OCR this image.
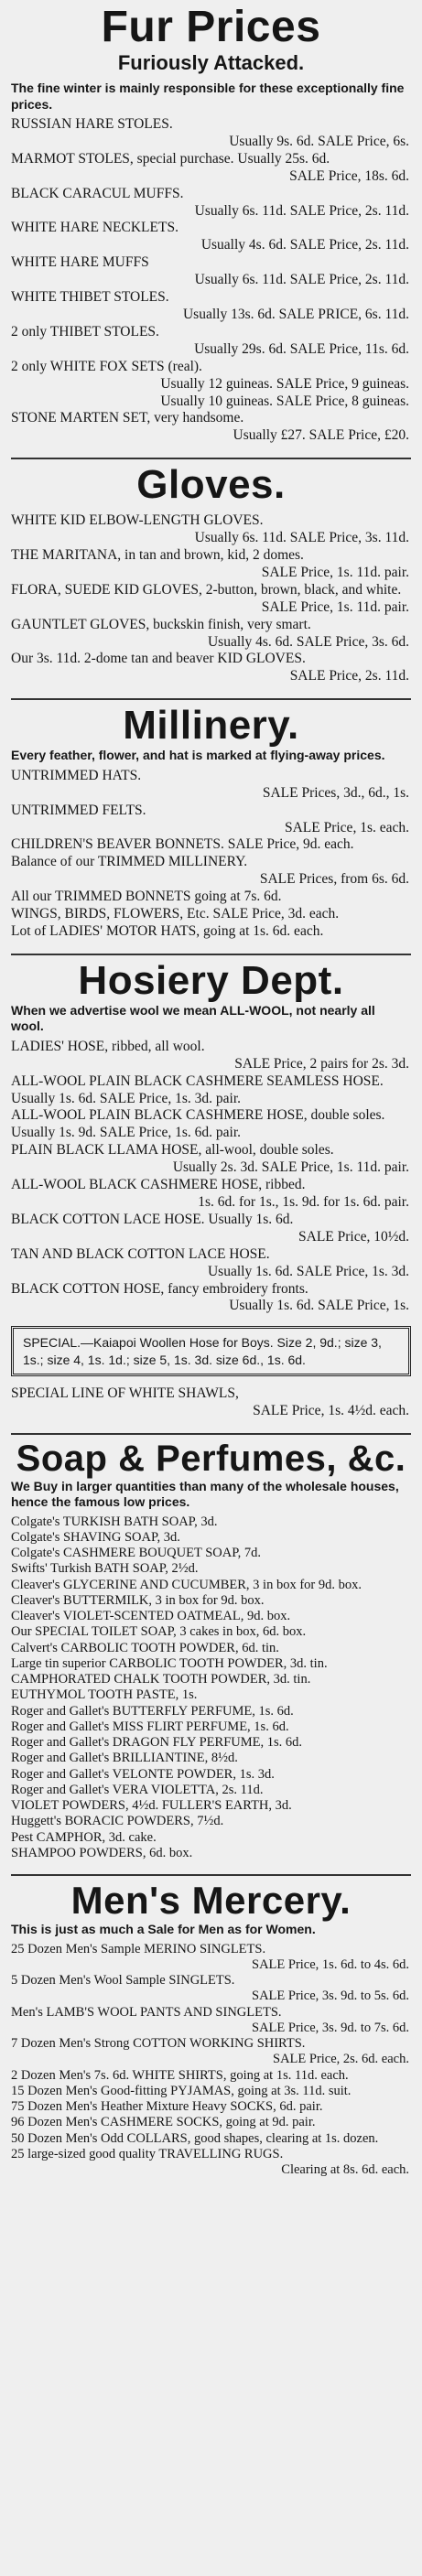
Fur Prices
Furiously Attacked.
The fine winter is mainly responsible for these exceptionally fine prices.
RUSSIAN HARE STOLES.
Usually 9s. 6d. SALE Price, 6s.
MARMOT STOLES, special purchase. Usually 25s. 6d.
SALE Price, 18s. 6d.
BLACK CARACUL MUFFS.
Usually 6s. 11d. SALE Price, 2s. 11d.
WHITE HARE NECKLETS.
Usually 4s. 6d. SALE Price, 2s. 11d.
WHITE HARE MUFFS
Usually 6s. 11d. SALE Price, 2s. 11d.
WHITE THIBET STOLES.
Usually 13s. 6d. SALE PRICE, 6s. 11d.
2 only THIBET STOLES.
Usually 29s. 6d. SALE Price, 11s. 6d.
2 only WHITE FOX SETS (real).
Usually 12 guineas. SALE Price, 9 guineas.
Usually 10 guineas. SALE Price, 8 guineas.
STONE MARTEN SET, very handsome.
Usually £27. SALE Price, £20.
Gloves.
WHITE KID ELBOW-LENGTH GLOVES.
Usually 6s. 11d. SALE Price, 3s. 11d.
THE MARITANA, in tan and brown, kid, 2 domes.
SALE Price, 1s. 11d. pair.
FLORA, SUEDE KID GLOVES, 2-button, brown, black, and white.
SALE Price, 1s. 11d. pair.
GAUNTLET GLOVES, buckskin finish, very smart.
Usually 4s. 6d. SALE Price, 3s. 6d.
Our 3s. 11d. 2-dome tan and beaver KID GLOVES.
SALE Price, 2s. 11d.
Millinery.
Every feather, flower, and hat is marked at flying-away prices.
UNTRIMMED HATS.
SALE Prices, 3d., 6d., 1s.
UNTRIMMED FELTS.
SALE Price, 1s. each.
CHILDREN'S BEAVER BONNETS. SALE Price, 9d. each.
Balance of our TRIMMED MILLINERY.
SALE Prices, from 6s. 6d.
All our TRIMMED BONNETS going at 7s. 6d.
WINGS, BIRDS, FLOWERS, Etc. SALE Price, 3d. each.
Lot of LADIES' MOTOR HATS, going at 1s. 6d. each.
Hosiery Dept.
When we advertise wool we mean ALL-WOOL, not nearly all wool.
LADIES' HOSE, ribbed, all wool.
SALE Price, 2 pairs for 2s. 3d.
ALL-WOOL PLAIN BLACK CASHMERE SEAMLESS HOSE. Usually 1s. 6d. SALE Price, 1s. 3d. pair.
ALL-WOOL PLAIN BLACK CASHMERE HOSE, double soles. Usually 1s. 9d. SALE Price, 1s. 6d. pair.
PLAIN BLACK LLAMA HOSE, all-wool, double soles.
Usually 2s. 3d. SALE Price, 1s. 11d. pair.
ALL-WOOL BLACK CASHMERE HOSE, ribbed.
1s. 6d. for 1s., 1s. 9d. for 1s. 6d. pair.
BLACK COTTON LACE HOSE. Usually 1s. 6d.
SALE Price, 10½d.
TAN AND BLACK COTTON LACE HOSE.
Usually 1s. 6d. SALE Price, 1s. 3d.
BLACK COTTON HOSE, fancy embroidery fronts.
Usually 1s. 6d. SALE Price, 1s.
SPECIAL.—Kaiapoi Woollen Hose for Boys. Size 2, 9d.; size 3, 1s.; size 4, 1s. 1d.; size 5, 1s. 3d. size 6d., 1s. 6d.
SPECIAL LINE OF WHITE SHAWLS,
SALE Price, 1s. 4½d. each.
Soap & Perfumes, &c.
We Buy in larger quantities than many of the wholesale houses, hence the famous low prices.
Colgate's TURKISH BATH SOAP, 3d.
Colgate's SHAVING SOAP, 3d.
Colgate's CASHMERE BOUQUET SOAP, 7d.
Swifts' Turkish BATH SOAP, 2½d.
Cleaver's GLYCERINE AND CUCUMBER, 3 in box for 9d. box.
Cleaver's BUTTERMILK, 3 in box for 9d. box.
Cleaver's VIOLET-SCENTED OATMEAL, 9d. box.
Our SPECIAL TOILET SOAP, 3 cakes in box, 6d. box.
Calvert's CARBOLIC TOOTH POWDER, 6d. tin.
Large tin superior CARBOLIC TOOTH POWDER, 3d. tin.
CAMPHORATED CHALK TOOTH POWDER, 3d. tin.
EUTHYMOL TOOTH PASTE, 1s.
Roger and Gallet's BUTTERFLY PERFUME, 1s. 6d.
Roger and Gallet's MISS FLIRT PERFUME, 1s. 6d.
Roger and Gallet's DRAGON FLY PERFUME, 1s. 6d.
Roger and Gallet's BRILLIANTINE, 8½d.
Roger and Gallet's VELONTE POWDER, 1s. 3d.
Roger and Gallet's VERA VIOLETTA, 2s. 11d.
VIOLET POWDERS, 4½d. FULLER'S EARTH, 3d.
Huggett's BORACIC POWDERS, 7½d.
Pest CAMPHOR, 3d. cake.
SHAMPOO POWDERS, 6d. box.
Men's Mercery.
This is just as much a Sale for Men as for Women.
25 Dozen Men's Sample MERINO SINGLETS.
SALE Price, 1s. 6d. to 4s. 6d.
5 Dozen Men's Wool Sample SINGLETS.
SALE Price, 3s. 9d. to 5s. 6d.
Men's LAMB'S WOOL PANTS AND SINGLETS.
SALE Price, 3s. 9d. to 7s. 6d.
7 Dozen Men's Strong COTTON WORKING SHIRTS.
SALE Price, 2s. 6d. each.
2 Dozen Men's 7s. 6d. WHITE SHIRTS, going at 1s. 11d. each.
15 Dozen Men's Good-fitting PYJAMAS, going at 3s. 11d. suit.
75 Dozen Men's Heather Mixture Heavy SOCKS, 6d. pair.
96 Dozen Men's CASHMERE SOCKS, going at 9d. pair.
50 Dozen Men's Odd COLLARS, good shapes, clearing at 1s. dozen.
25 large-sized good quality TRAVELLING RUGS.
Clearing at 8s. 6d. each.
